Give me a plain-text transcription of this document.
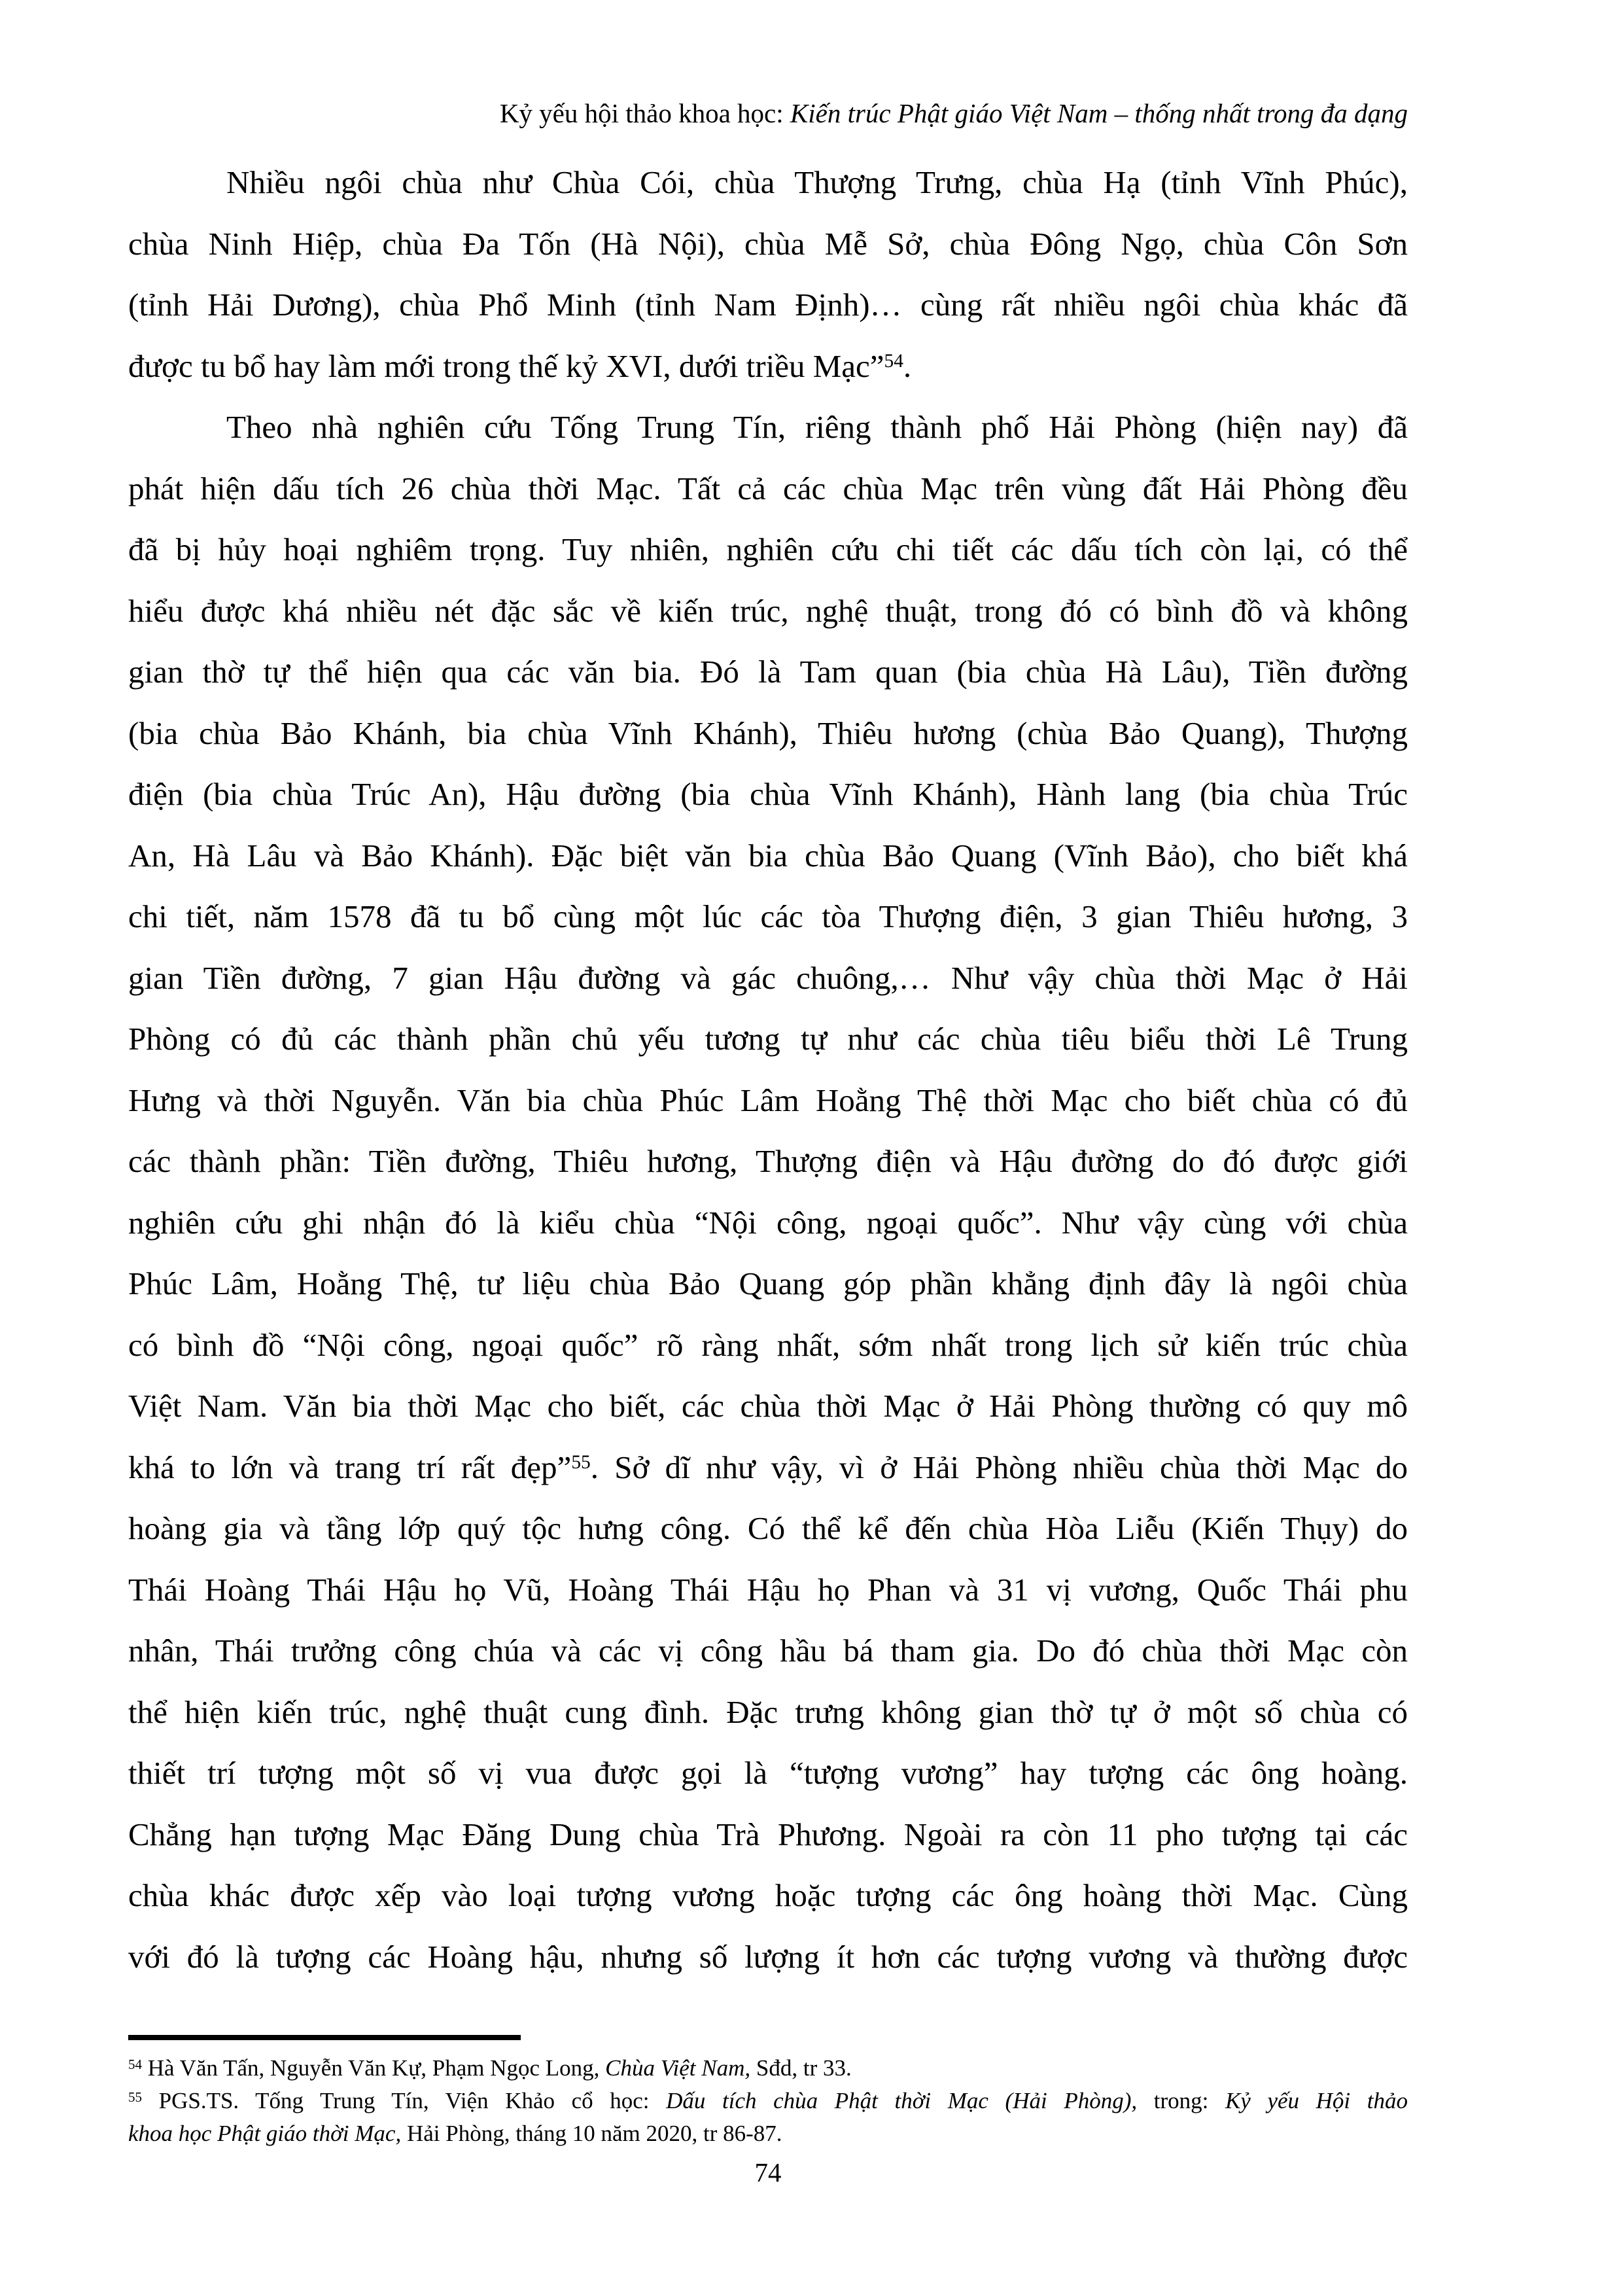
Kỷ yếu hội thảo khoa học: Kiến trúc Phật giáo Việt Nam – thống nhất trong đa dạng
Nhiều ngôi chùa như Chùa Cói, chùa Thượng Trưng, chùa Hạ (tỉnh Vĩnh Phúc),
chùa Ninh Hiệp, chùa Đa Tốn (Hà Nội), chùa Mễ Sở, chùa Đông Ngọ, chùa Côn Sơn
(tỉnh Hải Dương), chùa Phổ Minh (tỉnh Nam Định)… cùng rất nhiều ngôi chùa khác đã
được tu bổ hay làm mới trong thế kỷ XVI, dưới triều Mạc”$^{54}$.
Theo nhà nghiên cứu Tống Trung Tín, riêng thành phố Hải Phòng (hiện nay) đã
phát hiện dấu tích 26 chùa thời Mạc. Tất cả các chùa Mạc trên vùng đất Hải Phòng đều
đã bị hủy hoại nghiêm trọng. Tuy nhiên, nghiên cứu chi tiết các dấu tích còn lại, có thể
hiểu được khá nhiều nét đặc sắc về kiến trúc, nghệ thuật, trong đó có bình đồ và không
gian thờ tự thể hiện qua các văn bia. Đó là Tam quan (bia chùa Hà Lâu), Tiền đường
(bia chùa Bảo Khánh, bia chùa Vĩnh Khánh), Thiêu hương (chùa Bảo Quang), Thượng
điện (bia chùa Trúc An), Hậu đường (bia chùa Vĩnh Khánh), Hành lang (bia chùa Trúc
An, Hà Lâu và Bảo Khánh). Đặc biệt văn bia chùa Bảo Quang (Vĩnh Bảo), cho biết khá
chi tiết, năm 1578 đã tu bổ cùng một lúc các tòa Thượng điện, 3 gian Thiêu hương, 3
gian Tiền đường, 7 gian Hậu đường và gác chuông,… Như vậy chùa thời Mạc ở Hải
Phòng có đủ các thành phần chủ yếu tương tự như các chùa tiêu biểu thời Lê Trung
Hưng và thời Nguyễn. Văn bia chùa Phúc Lâm Hoằng Thệ thời Mạc cho biết chùa có đủ
các thành phần: Tiền đường, Thiêu hương, Thượng điện và Hậu đường do đó được giới
nghiên cứu ghi nhận đó là kiểu chùa “Nội công, ngoại quốc”. Như vậy cùng với chùa
Phúc Lâm, Hoằng Thệ, tư liệu chùa Bảo Quang góp phần khẳng định đây là ngôi chùa
có bình đồ “Nội công, ngoại quốc” rõ ràng nhất, sớm nhất trong lịch sử kiến trúc chùa
Việt Nam. Văn bia thời Mạc cho biết, các chùa thời Mạc ở Hải Phòng thường có quy mô
khá to lớn và trang trí rất đẹp”$^{55}$. Sở dĩ như vậy, vì ở Hải Phòng nhiều chùa thời Mạc do
hoàng gia và tầng lớp quý tộc hưng công. Có thể kể đến chùa Hòa Liễu (Kiến Thụy) do
Thái Hoàng Thái Hậu họ Vũ, Hoàng Thái Hậu họ Phan và 31 vị vương, Quốc Thái phu
nhân, Thái trưởng công chúa và các vị công hầu bá tham gia. Do đó chùa thời Mạc còn
thể hiện kiến trúc, nghệ thuật cung đình. Đặc trưng không gian thờ tự ở một số chùa có
thiết trí tượng một số vị vua được gọi là “tượng vương” hay tượng các ông hoàng.
Chẳng hạn tượng Mạc Đăng Dung chùa Trà Phương. Ngoài ra còn 11 pho tượng tại các
chùa khác được xếp vào loại tượng vương hoặc tượng các ông hoàng thời Mạc. Cùng
với đó là tượng các Hoàng hậu, nhưng số lượng ít hơn các tượng vương và thường được
$^{54}$ Hà Văn Tấn, Nguyễn Văn Kự, Phạm Ngọc Long, Chùa Việt Nam, Sđd, tr 33.
$^{55}$ PGS.TS. Tống Trung Tín, Viện Khảo cổ học: Dấu tích chùa Phật thời Mạc (Hải Phòng), trong: Kỷ yếu Hội thảo
khoa học Phật giáo thời Mạc, Hải Phòng, tháng 10 năm 2020, tr 86-87.
74
